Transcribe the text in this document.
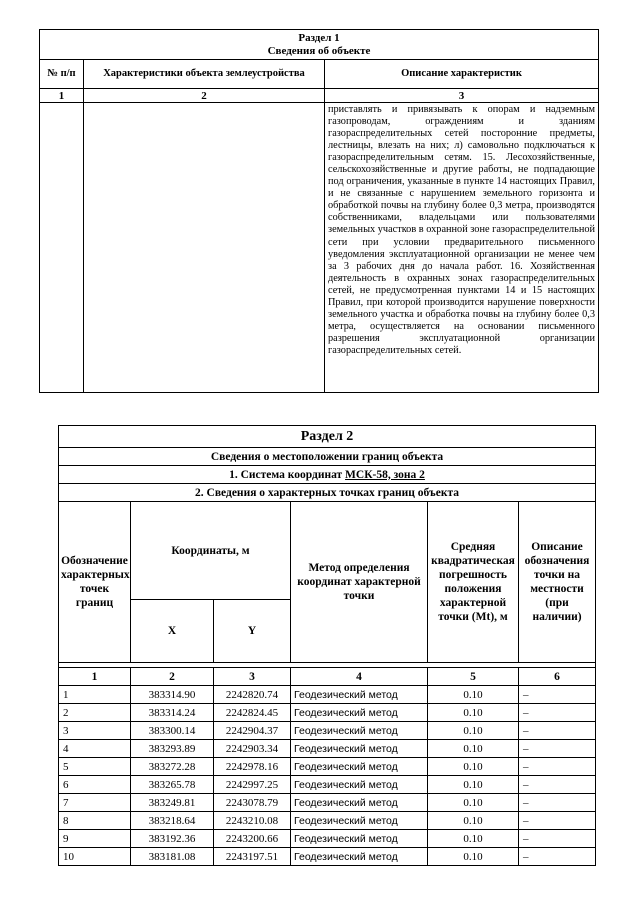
Раздел 1
Сведения об объекте		

№ п/п	Характеристики объекта землеустройства	Описание характеристик
1	2	3
		приставлять и привязывать к опорам и надземным газопроводам, ограждениям и зданиям газораспределительных сетей посторонние предметы, лестницы, влезать на них; л) самовольно подключаться к газораспределительным сетям. 15. Лесохозяйственные, сельскохозяйственные и другие работы, не подпадающие под ограничения, указанные в пункте 14 настоящих Правил, и не связанные с нарушением земельного горизонта и обработкой почвы на глубину более 0,3 метра, производятся собственниками, владельцами или пользователями земельных участков в охранной зоне газораспределительной сети при условии предварительного письменного уведомления эксплуатационной организации не менее чем за 3 рабочих дня до начала работ. 16. Хозяйственная деятельность в охранных зонах газораспределительных сетей, не предусмотренная пунктами 14 и 15 настоящих Правил, при которой производится нарушение поверхности земельного участка и обработка почвы на глубину более 0,3 метра, осуществляется на основании письменного разрешения эксплуатационной организации газораспределительных сетей.
Раздел 2					
Сведения о местоположении границ объекта					
1. Система координат МСК-58, зона 2					
2. Сведения о характерных точках границ объекта					
Обозначение характерных точек границ	Координаты, м		Метод определения координат характерной точки	Средняя квадратическая погрешность положения характерной точки (Mt), м	Описание обозначения точки на местности (при наличии)
	X	Y			

1	2	3	4	5	6
1	383314.90	2242820.74	Геодезический метод	0.10	–
2	383314.24	2242824.45	Геодезический метод	0.10	–
3	383300.14	2242904.37	Геодезический метод	0.10	–
4	383293.89	2242903.34	Геодезический метод	0.10	–
5	383272.28	2242978.16	Геодезический метод	0.10	–
6	383265.78	2242997.25	Геодезический метод	0.10	–
7	383249.81	2243078.79	Геодезический метод	0.10	–
8	383218.64	2243210.08	Геодезический метод	0.10	–
9	383192.36	2243200.66	Геодезический метод	0.10	–
10	383181.08	2243197.51	Геодезический метод	0.10	–
